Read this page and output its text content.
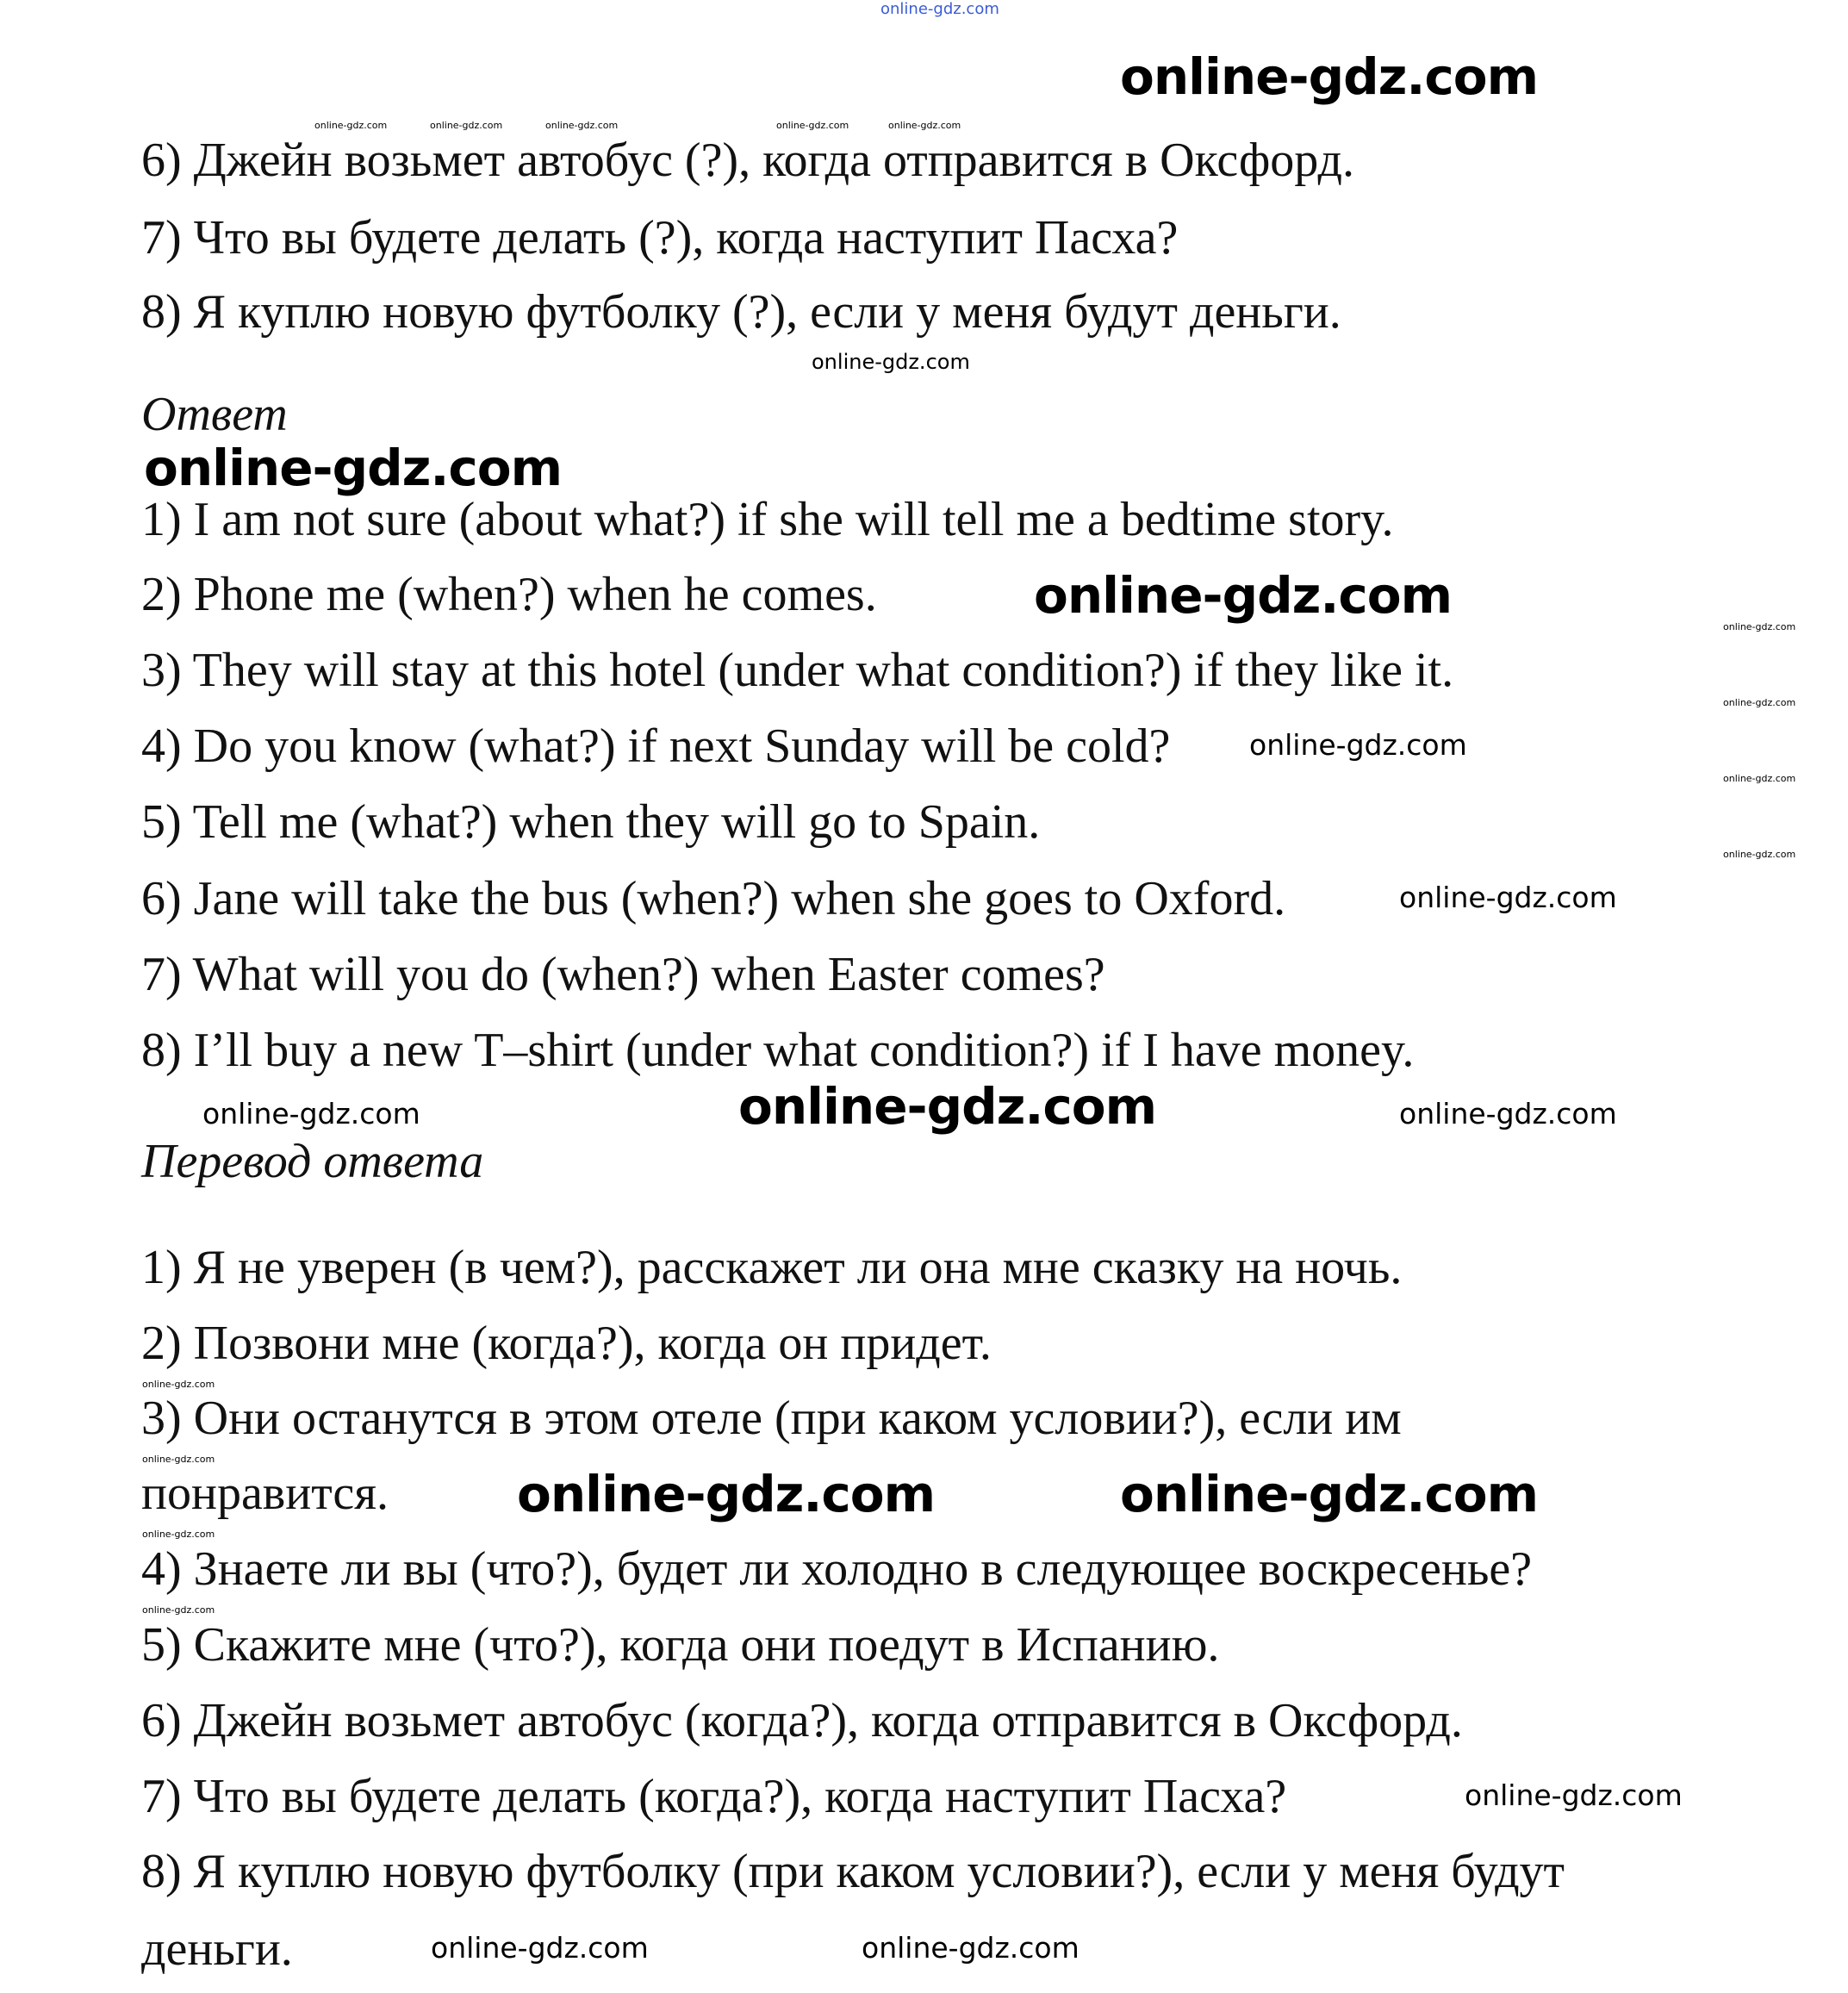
online-gdz.com
6) Джейн возьмет автобус (?), когда отправится в Оксфорд.
7) Что вы будете делать (?), когда наступит Пасха?
8) Я куплю новую футболку (?), если у меня будут деньги.
Ответ
1) I am not sure (about what?) if she will tell me a bedtime story.
2) Phone me (when?) when he comes.
3) They will stay at this hotel (under what condition?) if they like it.
4) Do you know (what?) if next Sunday will be cold?
5) Tell me (what?) when they will go to Spain.
6) Jane will take the bus (when?) when she goes to Oxford.
7) What will you do (when?) when Easter comes?
8) I’ll buy a new T–shirt (under what condition?) if I have money.
Перевод ответа
1) Я не уверен (в чем?), расскажет ли она мне сказку на ночь.
2) Позвони мне (когда?), когда он придет.
3) Они останутся в этом отеле (при каком условии?), если им
понравится.
4) Знаете ли вы (что?), будет ли холодно в следующее воскресенье?
5) Скажите мне (что?), когда они поедут в Испанию.
6) Джейн возьмет автобус (когда?), когда отправится в Оксфорд.
7) Что вы будете делать (когда?), когда наступит Пасха?
8) Я куплю новую футболку (при каком условии?), если у меня будут
деньги.
online-gdz.com
online-gdz.com
online-gdz.com
online-gdz.com
online-gdz.com	online-gdz.com
online-gdz.com
online-gdz.com
online-gdz.com	online-gdz.com
online-gdz.com
online-gdz.com	online-gdz.com
online-gdz.com
online-gdz.com	online-gdz.com	online-gdz.com	online-gdz.com	online-gdz.com
online-gdz.com
online-gdz.com
online-gdz.com
online-gdz.com
online-gdz.com
online-gdz.com
online-gdz.com
online-gdz.com
